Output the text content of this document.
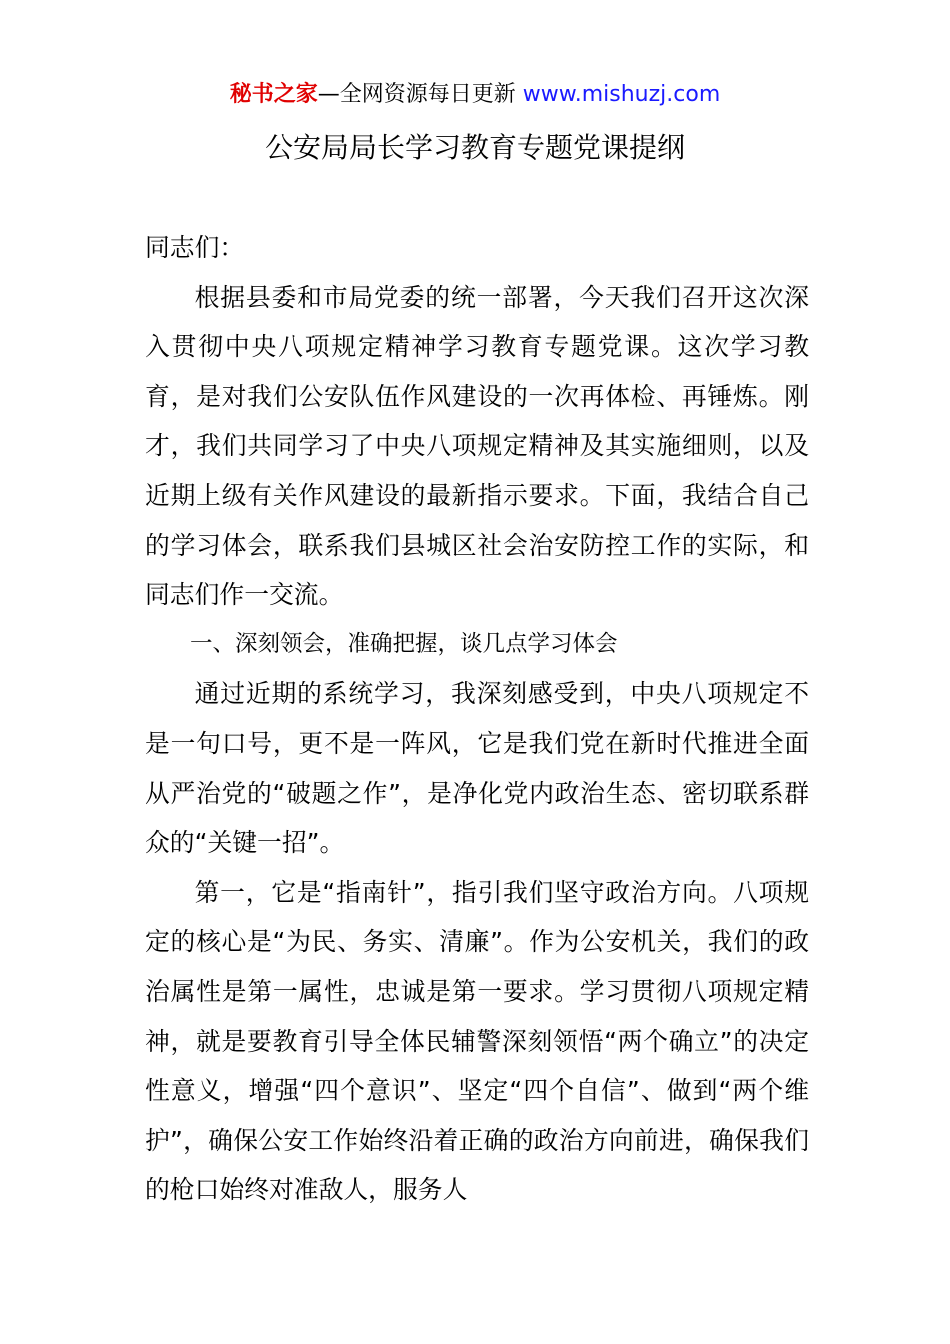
秘书之家—全网资源每日更新 www.mishuzj.com
公安局局长学习教育专题党课提纲

同志们：

根据县委和市局党委的统一部署，今天我们召开这次深入贯彻中央八项规定精神学习教育专题党课。这次学习教育，是对我们公安队伍作风建设的一次再体检、再锤炼。刚才，我们共同学习了中央八项规定精神及其实施细则，以及近期上级有关作风建设的最新指示要求。下面，我结合自己的学习体会，联系我们县城区社会治安防控工作的实际，和同志们作一交流。

一、深刻领会，准确把握，谈几点学习体会

通过近期的系统学习，我深刻感受到，中央八项规定不是一句口号，更不是一阵风，它是我们党在新时代推进全面从严治党的“破题之作”，是净化党内政治生态、密切联系群众的“关键一招”。

第一，它是“指南针”，指引我们坚守政治方向。八项规定的核心是“为民、务实、清廉”。作为公安机关，我们的政治属性是第一属性，忠诚是第一要求。学习贯彻八项规定精神，就是要教育引导全体民辅警深刻领悟“两个确立”的决定性意义，增强“四个意识”、坚定“四个自信”、做到“两个维护”，确保公安工作始终沿着正确的政治方向前进，确保我们的枪口始终对准敌人，服务人
